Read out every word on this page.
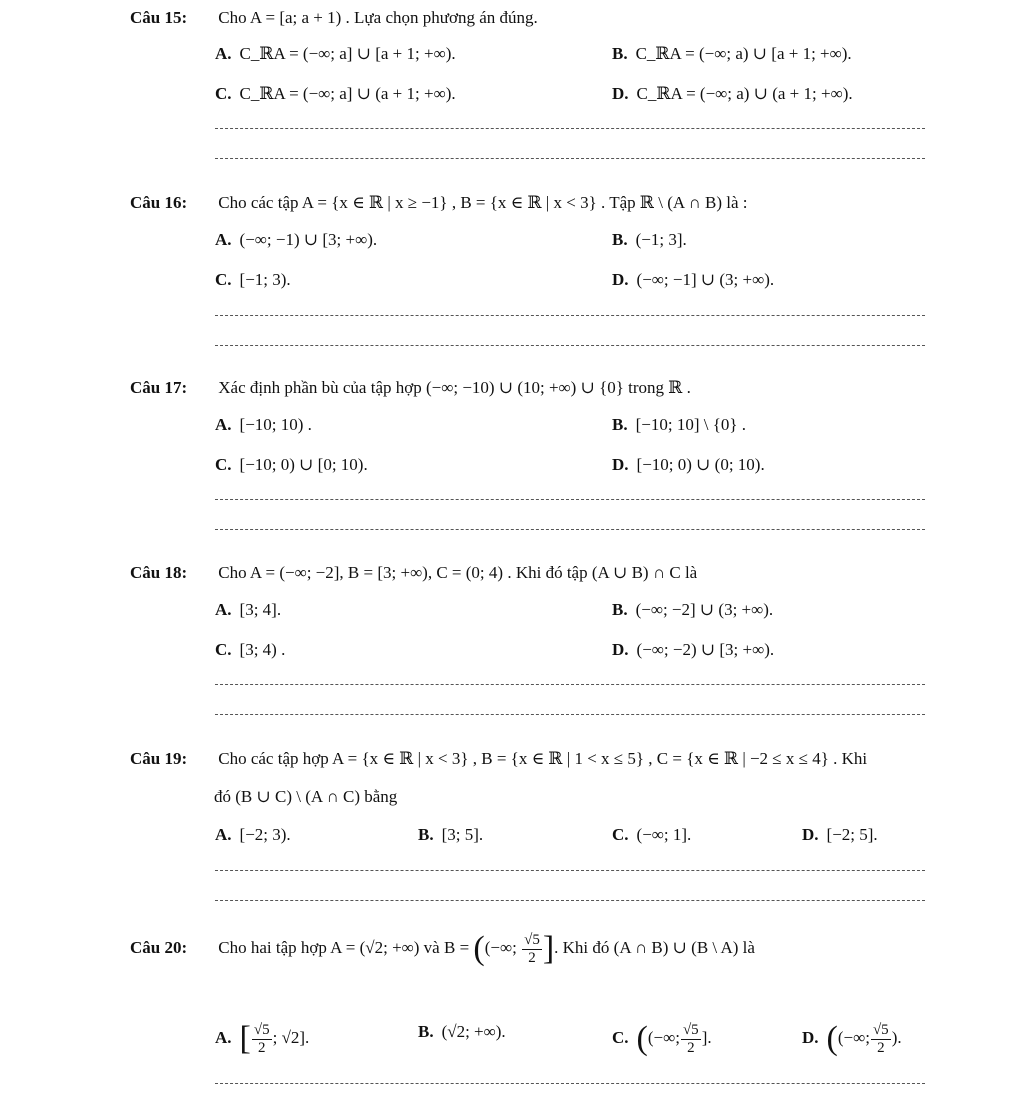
Câu 15: Cho A = [a; a + 1) . Lựa chọn phương án đúng.
A. C_ℝA = (−∞; a] ∪ [a + 1; +∞).	B. C_ℝA = (−∞; a) ∪ [a + 1; +∞).
C. C_ℝA = (−∞; a] ∪ (a + 1; +∞).	D. C_ℝA = (−∞; a) ∪ (a + 1; +∞).
Câu 16: Cho các tập A = {x ∈ ℝ | x ≥ −1} , B = {x ∈ ℝ | x < 3} . Tập ℝ \ (A ∩ B) là :
A. (−∞; −1) ∪ [3; +∞).	B. (−1; 3].
C. [−1; 3).	D. (−∞; −1] ∪ (3; +∞).
Câu 17: Xác định phần bù của tập hợp (−∞; −10) ∪ (10; +∞) ∪ {0} trong ℝ .
A. [−10; 10) .	B. [−10; 10] \ {0} .
C. [−10; 0) ∪ [0; 10).	D. [−10; 0) ∪ (0; 10).
Câu 18: Cho A = (−∞; −2], B = [3; +∞), C = (0; 4) . Khi đó tập (A ∪ B) ∩ C là
A. [3; 4].	B. (−∞; −2] ∪ (3; +∞).
C. [3; 4) .	D. (−∞; −2) ∪ [3; +∞).
Câu 19: Cho các tập hợp A = {x ∈ ℝ | x < 3} , B = {x ∈ ℝ | 1 < x ≤ 5} , C = {x ∈ ℝ | −2 ≤ x ≤ 4} . Khi
đó (B ∪ C) \ (A ∩ C) bằng
A. [−2; 3).	B. [3; 5].	C. (−∞; 1].	D. [−2; 5].
Câu 20: Cho hai tập hợp A = (√2; +∞) và B = ((−∞; $\frac{√5}{2}$ ]. Khi đó (A ∩ B) ∪ (B \ A) là
A. [ $\frac{√5}{2}$ ; √2].	B. (√2; +∞).	C. ((−∞; $\frac{√5}{2}$ ].	D. ((−∞; $\frac{√5}{2}$ ).
